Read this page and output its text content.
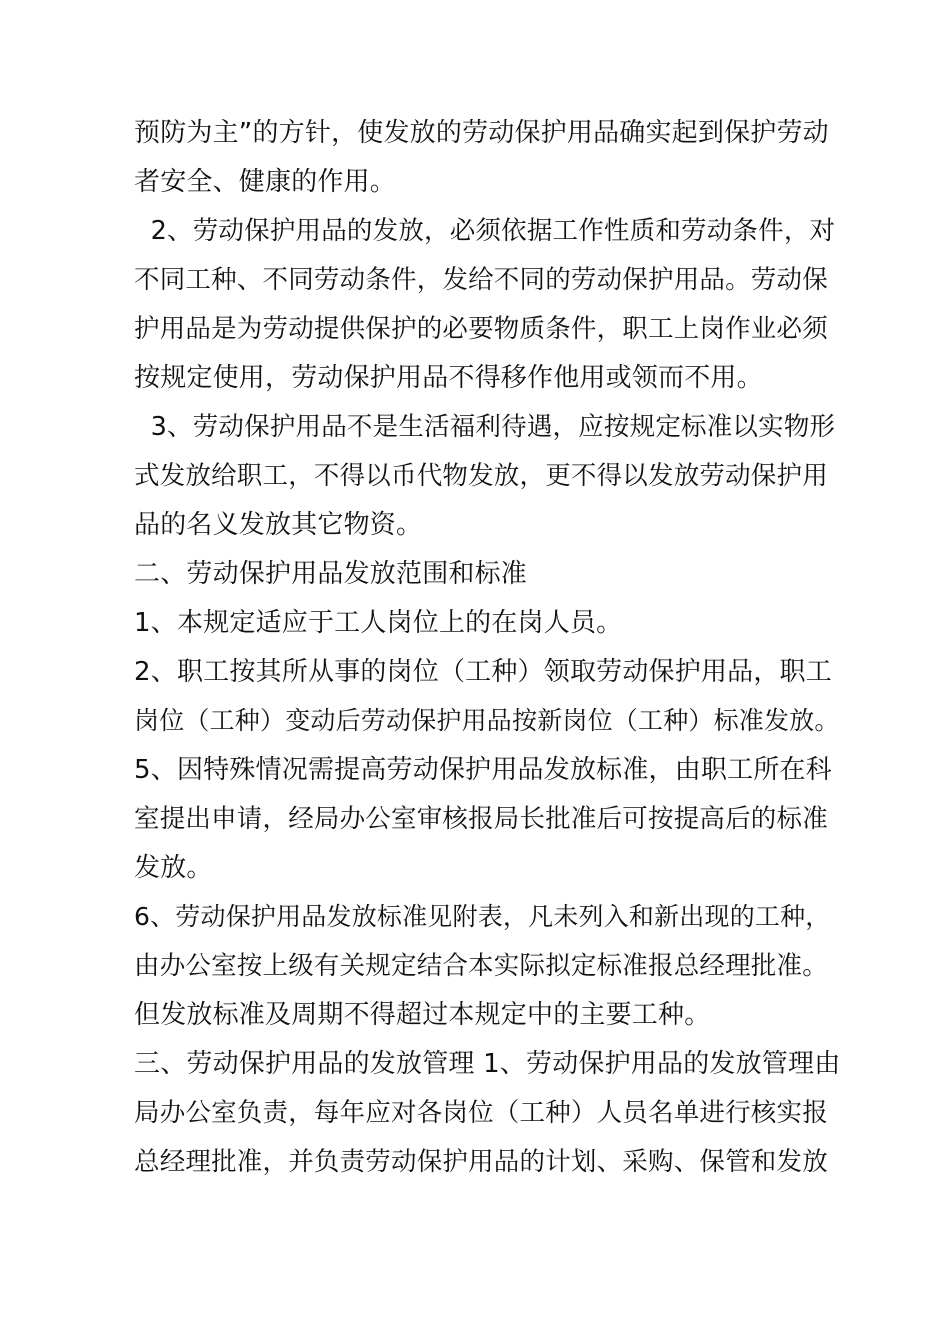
预防为主”的方针，使发放的劳动保护用品确实起到保护劳动
者安全、健康的作用。
2、劳动保护用品的发放，必须依据工作性质和劳动条件，对
不同工种、不同劳动条件，发给不同的劳动保护用品。劳动保
护用品是为劳动提供保护的必要物质条件，职工上岗作业必须
按规定使用，劳动保护用品不得移作他用或领而不用。
3、劳动保护用品不是生活福利待遇，应按规定标准以实物形
式发放给职工，不得以币代物发放，更不得以发放劳动保护用
品的名义发放其它物资。
二、劳动保护用品发放范围和标准
1、本规定适应于工人岗位上的在岗人员。
2、职工按其所从事的岗位（工种）领取劳动保护用品，职工
岗位（工种）变动后劳动保护用品按新岗位（工种）标准发放。
5、因特殊情况需提高劳动保护用品发放标准，由职工所在科
室提出申请，经局办公室审核报局长批准后可按提高后的标准
发放。
6、劳动保护用品发放标准见附表，凡未列入和新出现的工种，
由办公室按上级有关规定结合本实际拟定标准报总经理批准。
但发放标准及周期不得超过本规定中的主要工种。
三、劳动保护用品的发放管理 1、劳动保护用品的发放管理由
局办公室负责，每年应对各岗位（工种）人员名单进行核实报
总经理批准，并负责劳动保护用品的计划、采购、保管和发放
